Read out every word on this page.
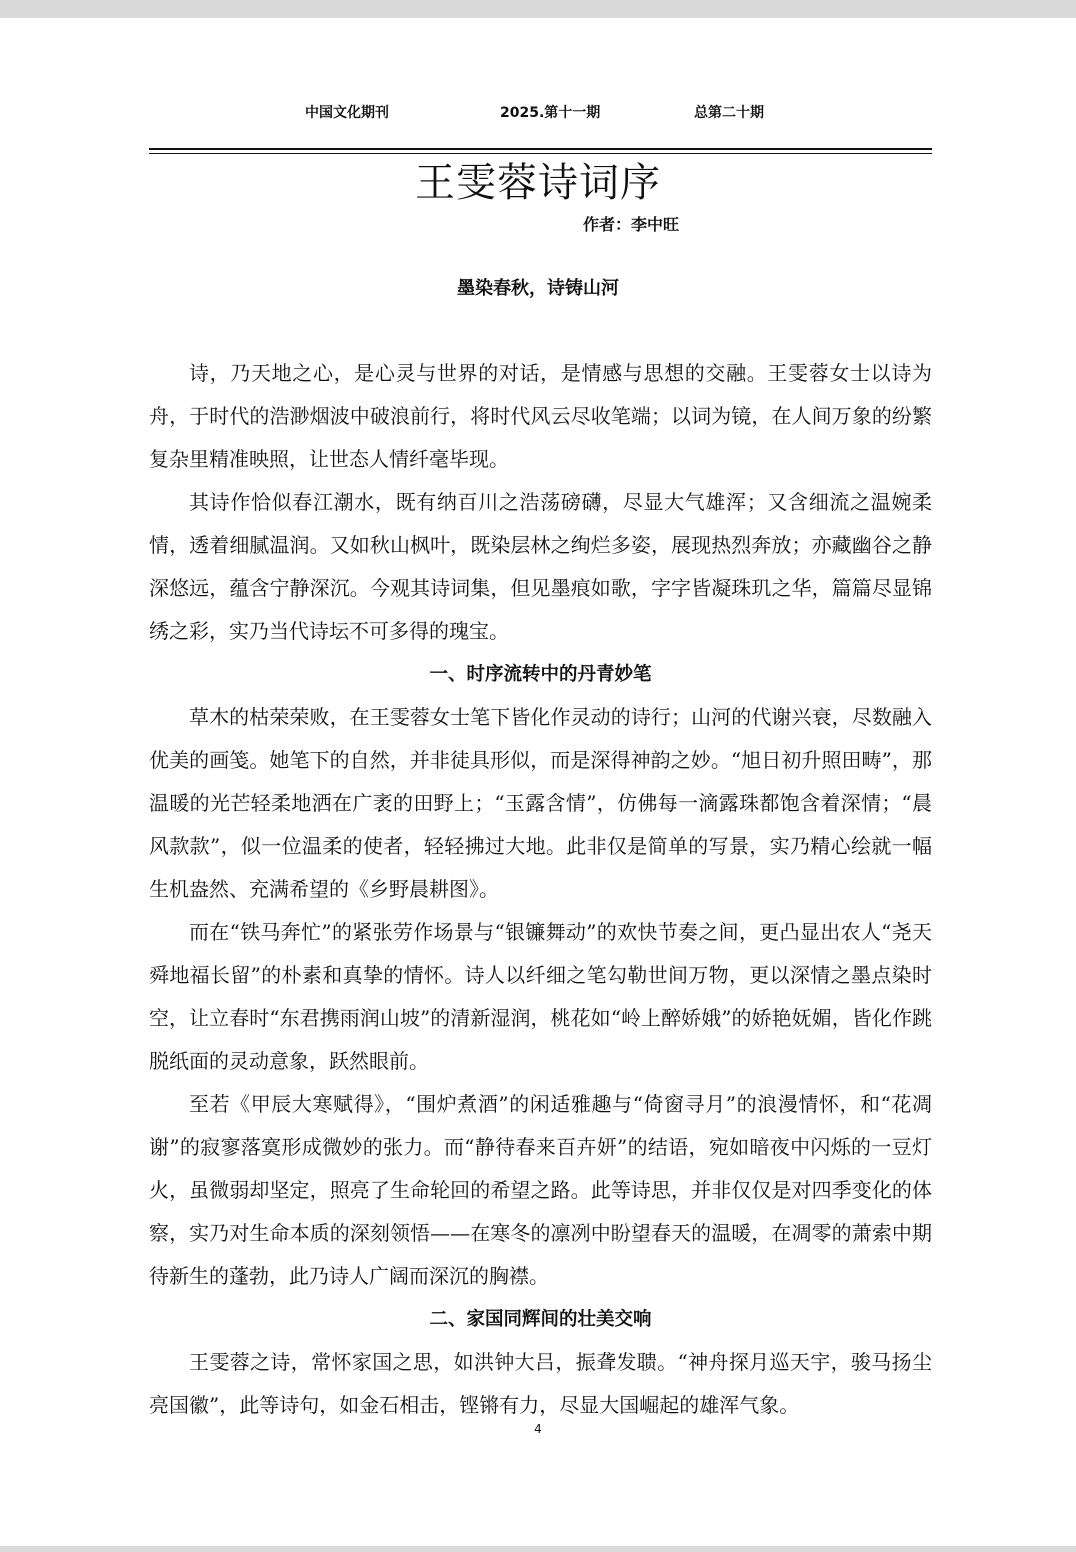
中国文化期刊	2025.第十一期	总第二十期
王雯蓉诗词序
作者：李中旺
墨染春秋，诗铸山河

诗，乃天地之心，是心灵与世界的对话，是情感与思想的交融。王雯蓉女士以诗为舟，于时代的浩渺烟波中破浪前行，将时代风云尽收笔端；以词为镜，在人间万象的纷繁复杂里精准映照，让世态人情纤毫毕现。

其诗作恰似春江潮水，既有纳百川之浩荡磅礴，尽显大气雄浑；又含细流之温婉柔情，透着细腻温润。又如秋山枫叶，既染层林之绚烂多姿，展现热烈奔放；亦藏幽谷之静深悠远，蕴含宁静深沉。今观其诗词集，但见墨痕如歌，字字皆凝珠玑之华，篇篇尽显锦绣之彩，实乃当代诗坛不可多得的瑰宝。

一、时序流转中的丹青妙笔

草木的枯荣荣败，在王雯蓉女士笔下皆化作灵动的诗行；山河的代谢兴衰，尽数融入优美的画笺。她笔下的自然，并非徒具形似，而是深得神韵之妙。“旭日初升照田畴”，那温暖的光芒轻柔地洒在广袤的田野上；“玉露含情”，仿佛每一滴露珠都饱含着深情；“晨风款款”，似一位温柔的使者，轻轻拂过大地。此非仅是简单的写景，实乃精心绘就一幅生机盎然、充满希望的《乡野晨耕图》。

而在“铁马奔忙”的紧张劳作场景与“银镰舞动”的欢快节奏之间，更凸显出农人“尧天舜地福长留”的朴素和真挚的情怀。诗人以纤细之笔勾勒世间万物，更以深情之墨点染时空，让立春时“东君携雨润山坡”的清新湿润，桃花如“岭上醉娇娥”的娇艳妩媚，皆化作跳脱纸面的灵动意象，跃然眼前。

至若《甲辰大寒赋得》，“围炉煮酒”的闲适雅趣与“倚窗寻月”的浪漫情怀，和“花凋谢”的寂寥落寞形成微妙的张力。而“静待春来百卉妍”的结语，宛如暗夜中闪烁的一豆灯火，虽微弱却坚定，照亮了生命轮回的希望之路。此等诗思，并非仅仅是对四季变化的体察，实乃对生命本质的深刻领悟——在寒冬的凛冽中盼望春天的温暖，在凋零的萧索中期待新生的蓬勃，此乃诗人广阔而深沉的胸襟。

二、家国同辉间的壮美交响

王雯蓉之诗，常怀家国之思，如洪钟大吕，振聋发聩。“神舟探月巡天宇，骏马扬尘亮国徽”，此等诗句，如金石相击，铿锵有力，尽显大国崛起的雄浑气象。

4
